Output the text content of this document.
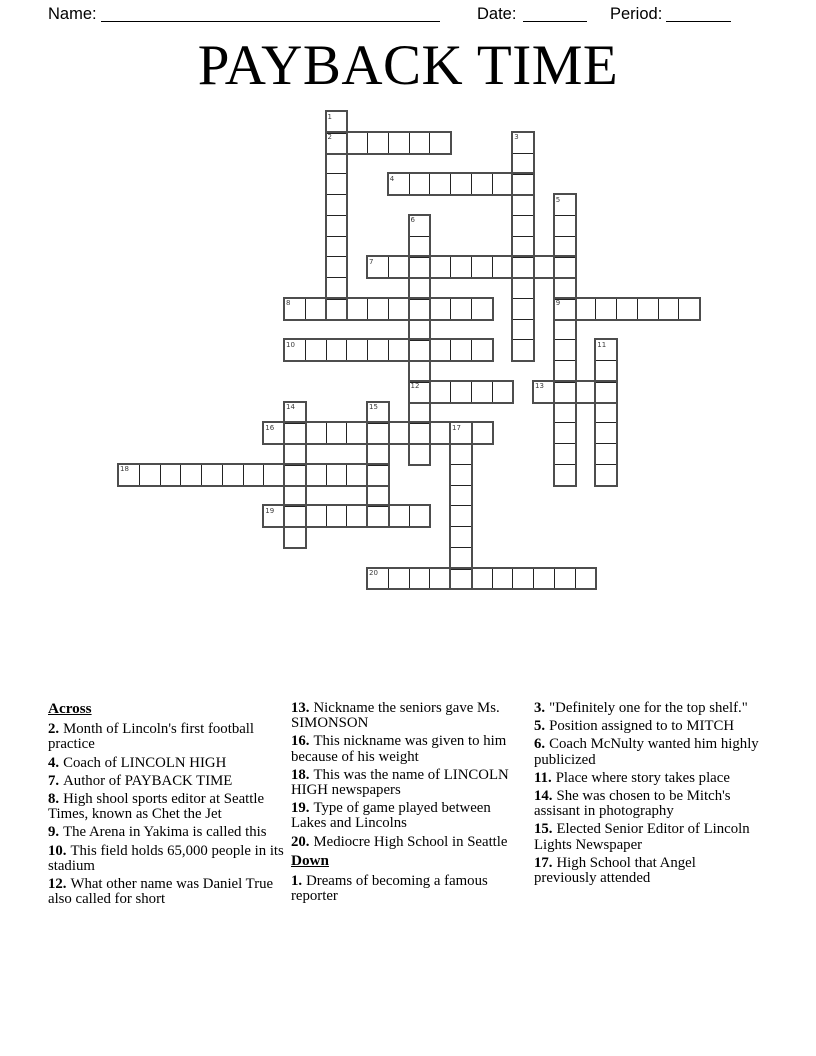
Name:	Date:	Period:
PAYBACK TIME
2
4
7
8	9
10
12	13
16
18
19
20
1
3
5
6
11
14	15
17
Across
2. Month of Lincoln's first football practice
4. Coach of LINCOLN HIGH
7. Author of PAYBACK TIME
8. High shool sports editor at Seattle Times, known as Chet the Jet
9. The Arena in Yakima is called this
10. This field holds 65,000 people in its stadium
12. What other name was Daniel True also called for short
13. Nickname the seniors gave Ms. SIMONSON
16. This nickname was given to him because of his weight
18. This was the name of LINCOLN HIGH newspapers
19. Type of game played between Lakes and Lincolns
20. Mediocre High School in Seattle
Down
1. Dreams of becoming a famous reporter
3. "Definitely one for the top shelf."
5. Position assigned to to MITCH
6. Coach McNulty wanted him highly publicized
11. Place where story takes place
14. She was chosen to be Mitch's assisant in photography
15. Elected Senior Editor of Lincoln Lights Newspaper
17. High School that Angel previously attended
